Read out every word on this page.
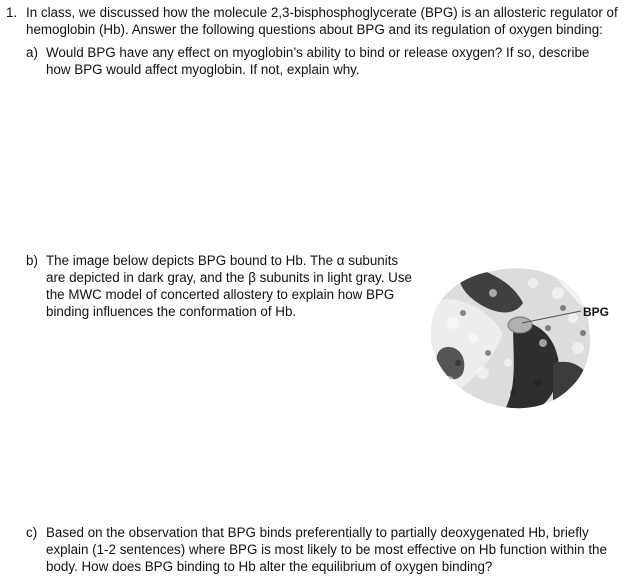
1. In class, we discussed how the molecule 2,3-bisphosphoglycerate (BPG) is an allosteric regulator of hemoglobin (Hb). Answer the following questions about BPG and its regulation of oxygen binding:
a) Would BPG have any effect on myoglobin’s ability to bind or release oxygen? If so, describe how BPG would affect myoglobin. If not, explain why.
b) The image below depicts BPG bound to Hb. The α subunits are depicted in dark gray, and the β subunits in light gray. Use the MWC model of concerted allostery to explain how BPG binding influences the conformation of Hb.	BPG
c) Based on the observation that BPG binds preferentially to partially deoxygenated Hb, briefly explain (1-2 sentences) where BPG is most likely to be most effective on Hb function within the body. How does BPG binding to Hb alter the equilibrium of oxygen binding?
